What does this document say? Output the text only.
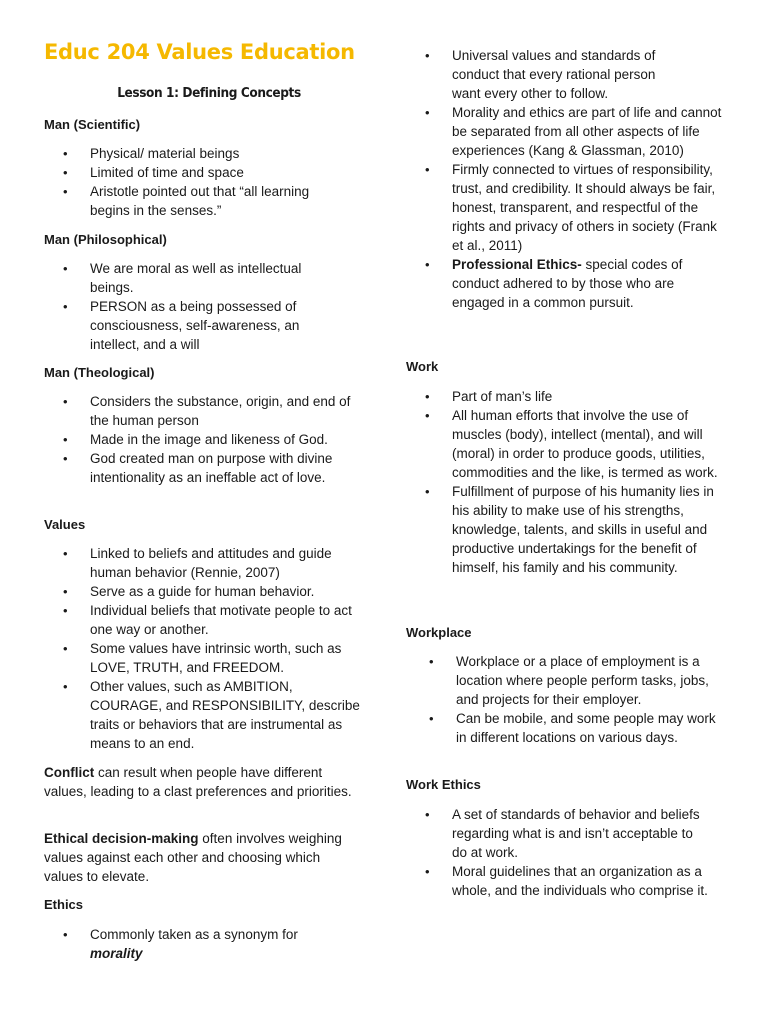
Educ 204 Values Education
Lesson 1: Defining Concepts

Man (Scientific)

• Physical/ material beings
• Limited of time and space
• Aristotle pointed out that “all learning begins in the senses.”

Man (Philosophical)

• We are moral as well as intellectual beings.
• PERSON as a being possessed of consciousness, self-awareness, an intellect, and a will

Man (Theological)

• Considers the substance, origin, and end of the human person
• Made in the image and likeness of God.
• God created man on purpose with divine intentionality as an ineffable act of love.

Values

• Linked to beliefs and attitudes and guide human behavior (Rennie, 2007)
• Serve as a guide for human behavior.
• Individual beliefs that motivate people to act one way or another.
• Some values have intrinsic worth, such as LOVE, TRUTH, and FREEDOM.
• Other values, such as AMBITION, COURAGE, and RESPONSIBILITY, describe traits or behaviors that are instrumental as means to an end.

Conflict can result when people have different values, leading to a clast preferences and priorities.

Ethical decision-making often involves weighing values against each other and choosing which values to elevate.

Ethics

• Commonly taken as a synonym for
morality
• Universal values and standards of conduct that every rational person want every other to follow.
• Morality and ethics are part of life and cannot be separated from all other aspects of life experiences (Kang & Glassman, 2010)
• Firmly connected to virtues of responsibility, trust, and credibility. It should always be fair, honest, transparent, and respectful of the rights and privacy of others in society (Frank et al., 2011)
• Professional Ethics- special codes of conduct adhered to by those who are engaged in a common pursuit.

Work

• Part of man’s life
• All human efforts that involve the use of muscles (body), intellect (mental), and will (moral) in order to produce goods, utilities, commodities and the like, is termed as work.
• Fulfillment of purpose of his humanity lies in his ability to make use of his strengths, knowledge, talents, and skills in useful and productive undertakings for the benefit of himself, his family and his community.

Workplace

• Workplace or a place of employment is a location where people perform tasks, jobs, and projects for their employer.
• Can be mobile, and some people may work in different locations on various days.

Work Ethics

• A set of standards of behavior and beliefs regarding what is and isn’t acceptable to do at work.
• Moral guidelines that an organization as a whole, and the individuals who comprise it.
